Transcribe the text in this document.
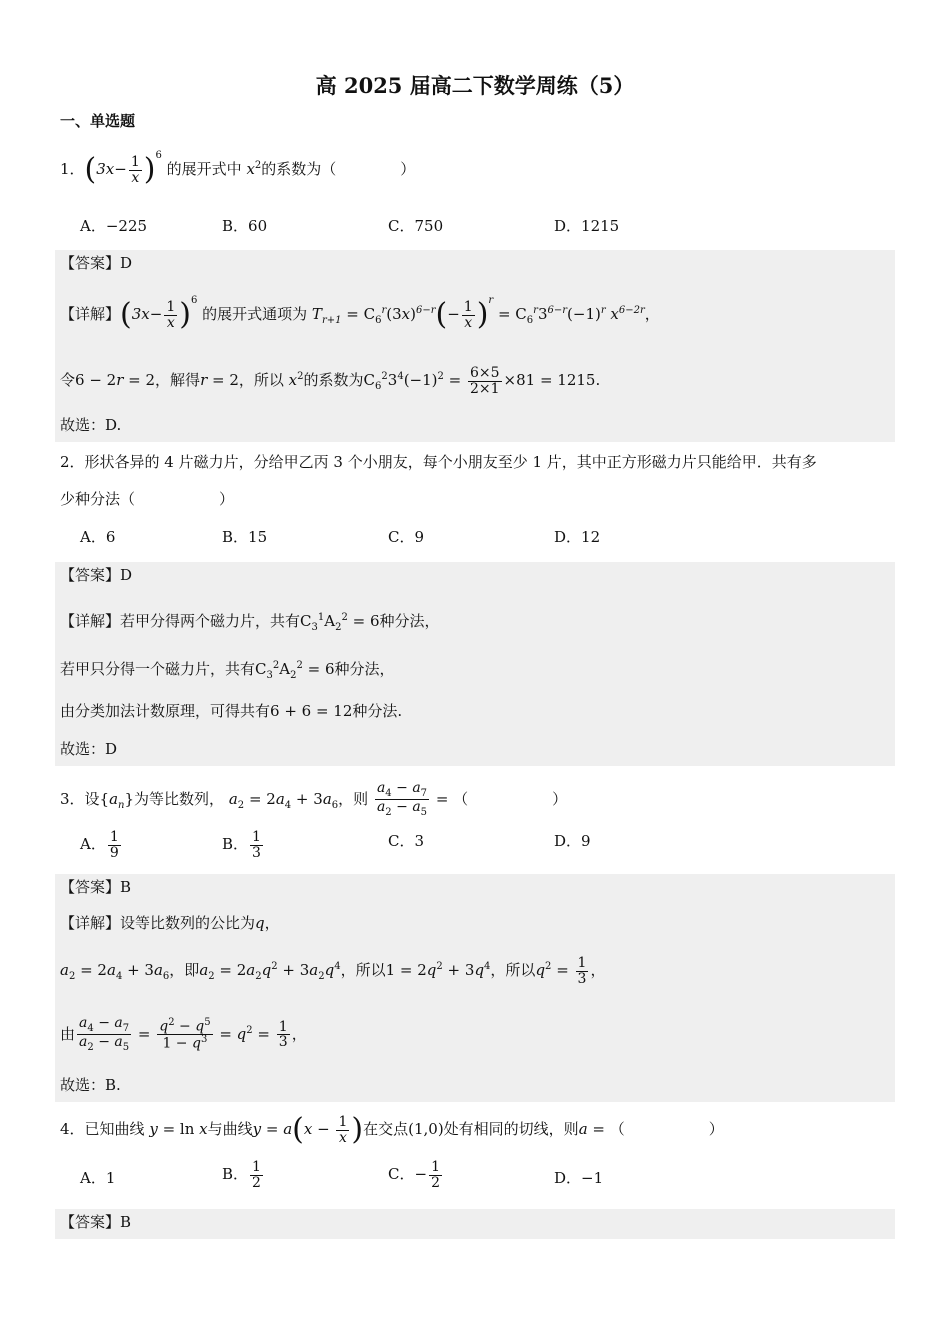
高 2025 届高二下数学周练（5）
一、单选题
1．$(3x- \frac{1}{x} )^6$ 的展开式中 $x^2$的系数为（	）
A．−225	B．60	C．750	D．1215
【答案】D
【详解】$(3x- \frac{1}{x} )^6$ 的展开式通项为 $T_{r+1} = C_6^r(3x)^{6-r}(- \frac{1}{x} )^r = C_6^r3^{6-r}(-1)^r$ $x^{6-2r}$，
令6 − 2r = 2，解得r = 2，所以 $x^2$的系数为$C_6^23^4(-1)^2 = \frac{6\times 5}{2\times 1} \times 81 = 1215$.
故选：D.
2．形状各异的 4 片磁力片，分给甲乙丙 3 个小朋友，每个小朋友至少 1 片，其中正方形磁力片只能给甲．共有多
少种分法（	）
A．6	B．15	C．9	D．12
【答案】D
【详解】若甲分得两个磁力片，共有$C_3^1A_2^2 = 6$种分法，
若甲只分得一个磁力片，共有$C_3^2A_2^2 = 6$种分法，
由分类加法计数原理，可得共有6 + 6 = 12种分法.
故选：D
3．设$\{a_n\}$为等比数列， $a_2 = 2a_4 + 3a_6$，则 $\frac{a_4 - a_7}{a_2 - a_5}$ = （	）
A． $\frac{1}{9}$	B． $\frac{1}{3}$	C．3	D．9
【答案】B
【详解】设等比数列的公比为q，
$a_2 = 2a_4 + 3a_6$，即$a_2 = 2a_2q^2 + 3a_2q^4$，所以$1 = 2q^2 + 3q^4$，所以$q^2 = \frac{1}{3}$ ，
由 $\frac{a_4 - a_7}{a_2 - a_5} = \frac{q^2 - q^5}{1 - q^3} = q^2 = \frac{1}{3}$ ，
故选：B.
4．已知曲线 y = ln x与曲线$y = a(x - \frac{1}{x}$ )在交点(1,0)处有相同的切线，则a = （	）
A．1	B． $\frac{1}{2}$	C．− $\frac{1}{2}$	D．−1
【答案】B
